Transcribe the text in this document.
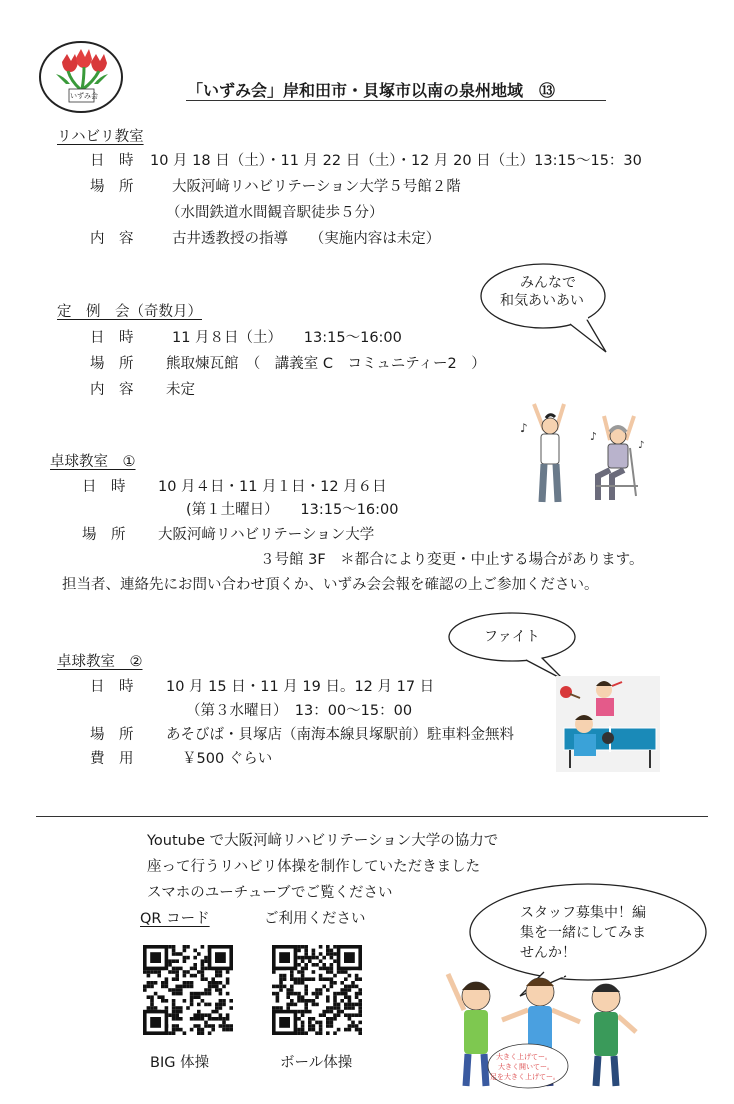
いずみ会	「いずみ会」岸和田市・貝塚市以南の泉州地域　⑬
リハビリ教室
日　時 10 月 18 日（土）・11 月 22 日（土）・12 月 20 日（土）13:15〜15：30
場　所	大阪河﨑リハビリテーション大学５号館２階
（水間鉄道水間観音駅徒歩５分）
内　容	古井透教授の指導　　（実施内容は未定）
みんなで
和気あいあい
定　例　会（奇数月）
日　時	11 月８日（土）　　13:15〜16:00
場　所 熊取煉瓦館　（　講義室 C　コミュニティー2　）
内　容 未定
♪
♪
♪
卓球教室　①
日　時 10 月４日・11 月１日・12 月６日
(第１土曜日）　　13:15〜16:00
場　所 大阪河﨑リハビリテーション大学
３号館 3F　＊都合により変更・中止する場合があります。
担当者、連絡先にお問い合わせ頂くか、いずみ会会報を確認の上ご参加ください。
ファイト
卓球教室　②
日　時 10 月 15 日・11 月 19 日。12 月 17 日
（第３水曜日）　13：00〜15：00
場　所 あそびば・貝塚店（南海本線貝塚駅前）駐車料金無料
費　用	￥500 ぐらい
Youtube で大阪河﨑リハビリテーション大学の協力で
座って行うリハビリ体操を制作していただきました
スマホのユーチューブでご覧ください
QR コード	ご利用ください
BIG 体操	ボール体操
スタッフ募集中！編
集を一緒にしてみま
せんか！
大きく上げてー。
大きく開いてー。
足を大きく上げてー。
